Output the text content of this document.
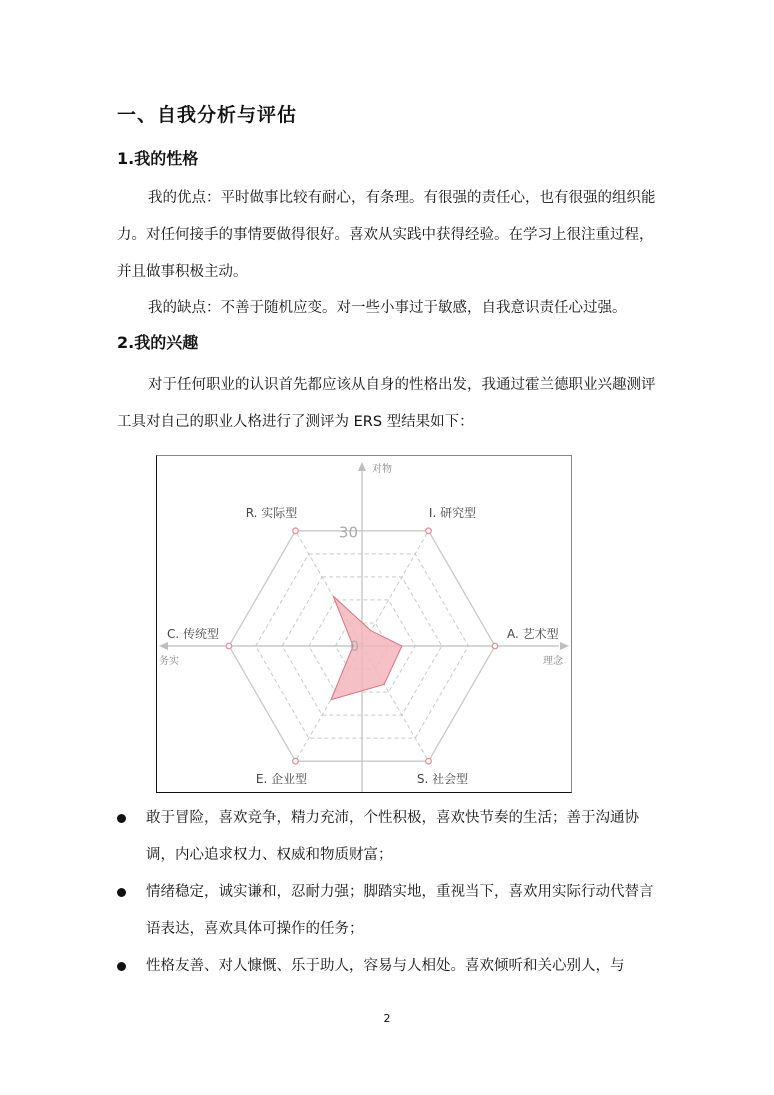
一、自我分析与评估
1.我的性格
我的优点：平时做事比较有耐心，有条理。有很强的责任心，也有很强的组织能力。对任何接手的事情要做得很好。喜欢从实践中获得经验。在学习上很注重过程，并且做事积极主动。
我的缺点：不善于随机应变。对一些小事过于敏感，自我意识责任心过强。
2.我的兴趣
对于任何职业的认识首先都应该从自身的性格出发，我通过霍兰德职业兴趣测评工具对自己的职业人格进行了测评为 ERS 型结果如下：
R. 实际型	I. 研究型
A. 艺术型
S. 社会型
E. 企业型
C. 传统型
对物
务实	理念
30
0
敢于冒险，喜欢竞争，精力充沛，个性积极，喜欢快节奏的生活；善于沟通协调，内心追求权力、权威和物质财富；
情绪稳定，诚实谦和，忍耐力强；脚踏实地，重视当下，喜欢用实际行动代替言语表达，喜欢具体可操作的任务；
性格友善、对人慷慨、乐于助人，容易与人相处。喜欢倾听和关心别人，与
2
